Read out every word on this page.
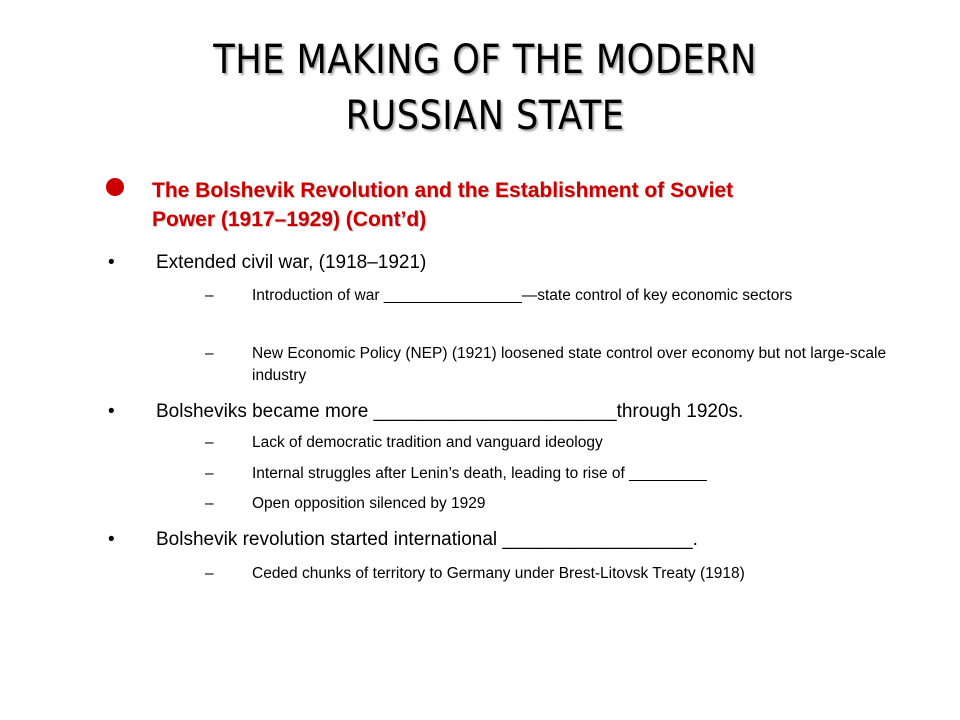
THE MAKING OF THE MODERN
RUSSIAN STATE
The Bolshevik Revolution and the Establishment of Soviet
Power (1917–1929) (Cont’d)
• Extended civil war, (1918–1921)
– Introduction of war ________________—state control of key economic sectors
– New Economic Policy (NEP) (1921) loosened state control over economy but not large-scale industry
• Bolsheviks became more _______________________through 1920s.
– Lack of democratic tradition and vanguard ideology
– Internal struggles after Lenin’s death, leading to rise of _________
– Open opposition silenced by 1929
• Bolshevik revolution started international __________________.
– Ceded chunks of territory to Germany under Brest-Litovsk Treaty (1918)
